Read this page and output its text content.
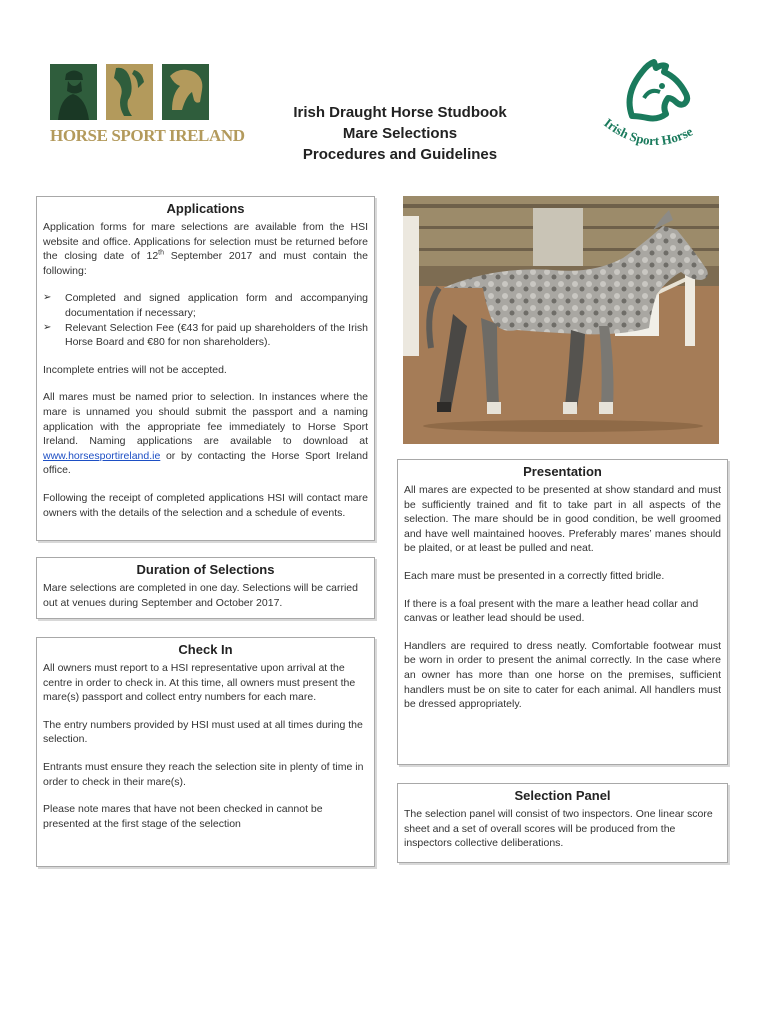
HORSE SPORT IRELAND
Irish Draught Horse Studbook
Mare Selections
Procedures and Guidelines
Irish Sport Horse
Applications

Application forms for mare selections are available from the HSI website and office. Applications for selection must be returned before the closing date of 12th September 2017 and must contain the following:

➢	Completed and signed application form and accompanying documentation if necessary;

➢	Relevant Selection Fee (€43 for paid up shareholders of the Irish Horse Board and €80 for non shareholders).

Incomplete entries will not be accepted.

All mares must be named prior to selection. In instances where the mare is unnamed you should submit the passport and a naming application with the appropriate fee immediately to Horse Sport Ireland. Naming applications are available to download at www.horsesportireland.ie or by contacting the Horse Sport Ireland office.

Following the receipt of completed applications HSI will contact mare owners with the details of the selection and a schedule of events.

Duration of Selections

Mare selections are completed in one day. Selections will be carried out at venues during September and October 2017.

Check In

All owners must report to a HSI representative upon arrival at the centre in order to check in. At this time, all owners must present the mare(s) passport and collect entry numbers for each mare.

The entry numbers provided by HSI must used at all times during the selection.

Entrants must ensure they reach the selection site in plenty of time in order to check in their mare(s).

Please note mares that have not been checked in cannot be presented at the first stage of the selection

Presentation

All mares are expected to be presented at show standard and must be sufficiently trained and fit to take part in all aspects of the selection. The mare should be in good condition, be well groomed and have well maintained hooves. Preferably mares’ manes should be plaited, or at least be pulled and neat.

Each mare must be presented in a correctly fitted bridle.

If there is a foal present with the mare a leather head collar and canvas or leather lead should be used.

Handlers are required to dress neatly. Comfortable footwear must be worn in order to present the animal correctly. In the case where an owner has more than one horse on the premises, sufficient handlers must be on site to cater for each animal. All handlers must be dressed appropriately.

Selection Panel

The selection panel will consist of two inspectors. One linear score sheet and a set of overall scores will be produced from the inspectors collective deliberations.
